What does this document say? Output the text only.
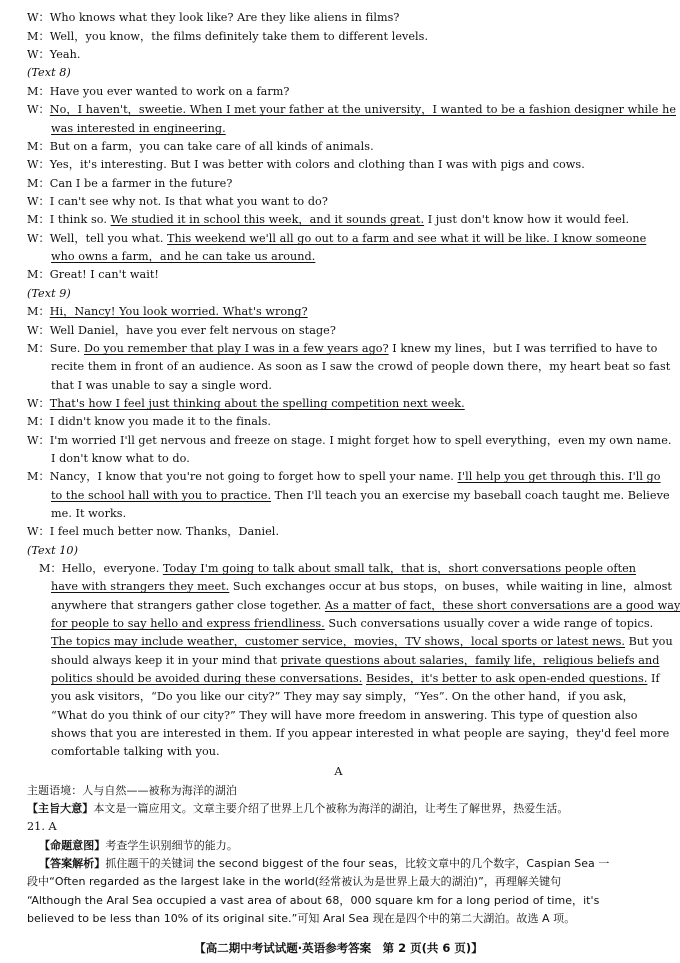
W：Who knows what they look like? Are they like aliens in films?
M：Well，you know，the films definitely take them to different levels.
W：Yeah.
(Text 8)
M：Have you ever wanted to work on a farm?
W：No，I haven't，sweetie. When I met your father at the university，I wanted to be a fashion designer while he
was interested in engineering.
M：But on a farm，you can take care of all kinds of animals.
W：Yes，it's interesting. But I was better with colors and clothing than I was with pigs and cows.
M：Can I be a farmer in the future?
W：I can't see why not. Is that what you want to do?
M：I think so. We studied it in school this week，and it sounds great. I just don't know how it would feel.
W：Well，tell you what. This weekend we'll all go out to a farm and see what it will be like. I know someone
who owns a farm，and he can take us around.
M：Great! I can't wait!
(Text 9)
M：Hi，Nancy! You look worried. What's wrong?
W：Well Daniel，have you ever felt nervous on stage?
M：Sure. Do you remember that play I was in a few years ago? I knew my lines，but I was terrified to have to
recite them in front of an audience. As soon as I saw the crowd of people down there，my heart beat so fast
that I was unable to say a single word.
W：That's how I feel just thinking about the spelling competition next week.
M：I didn't know you made it to the finals.
W：I'm worried I'll get nervous and freeze on stage. I might forget how to spell everything，even my own name.
I don't know what to do.
M：Nancy，I know that you're not going to forget how to spell your name. I'll help you get through this. I'll go
to the school hall with you to practice. Then I'll teach you an exercise my baseball coach taught me. Believe
me. It works.
W：I feel much better now. Thanks，Daniel.
(Text 10)
M：Hello，everyone. Today I'm going to talk about small talk，that is，short conversations people often
have with strangers they meet. Such exchanges occur at bus stops，on buses，while waiting in line，almost
anywhere that strangers gather close together. As a matter of fact，these short conversations are a good way
for people to say hello and express friendliness. Such conversations usually cover a wide range of topics.
The topics may include weather，customer service，movies，TV shows，local sports or latest news. But you
should always keep it in your mind that private questions about salaries，family life，religious beliefs and
politics should be avoided during these conversations. Besides，it's better to ask open-ended questions. If
you ask visitors，“Do you like our city?” They may say simply，“Yes”. On the other hand，if you ask，
“What do you think of our city?” They will have more freedom in answering. This type of question also
shows that you are interested in them. If you appear interested in what people are saying，they'd feel more
comfortable talking with you.
A
主题语境：人与自然——被称为海洋的湖泊
【主旨大意】本文是一篇应用文。文章主要介绍了世界上几个被称为海洋的湖泊，让考生了解世界，热爱生活。
21. A
【命题意图】考查学生识别细节的能力。
【答案解析】抓住题干的关键词 the second biggest of the four seas，比较文章中的几个数字，Caspian Sea 一
段中“Often regarded as the largest lake in the world(经常被认为是世界上最大的湖泊)”，再理解关键句
“Although the Aral Sea occupied a vast area of about 68，000 square km for a long period of time，it's
believed to be less than 10% of its original site.”可知 Aral Sea 现在是四个中的第二大湖泊。故选 A 项。
【高二期中考试试题·英语参考答案　第 2 页(共 6 页)】
